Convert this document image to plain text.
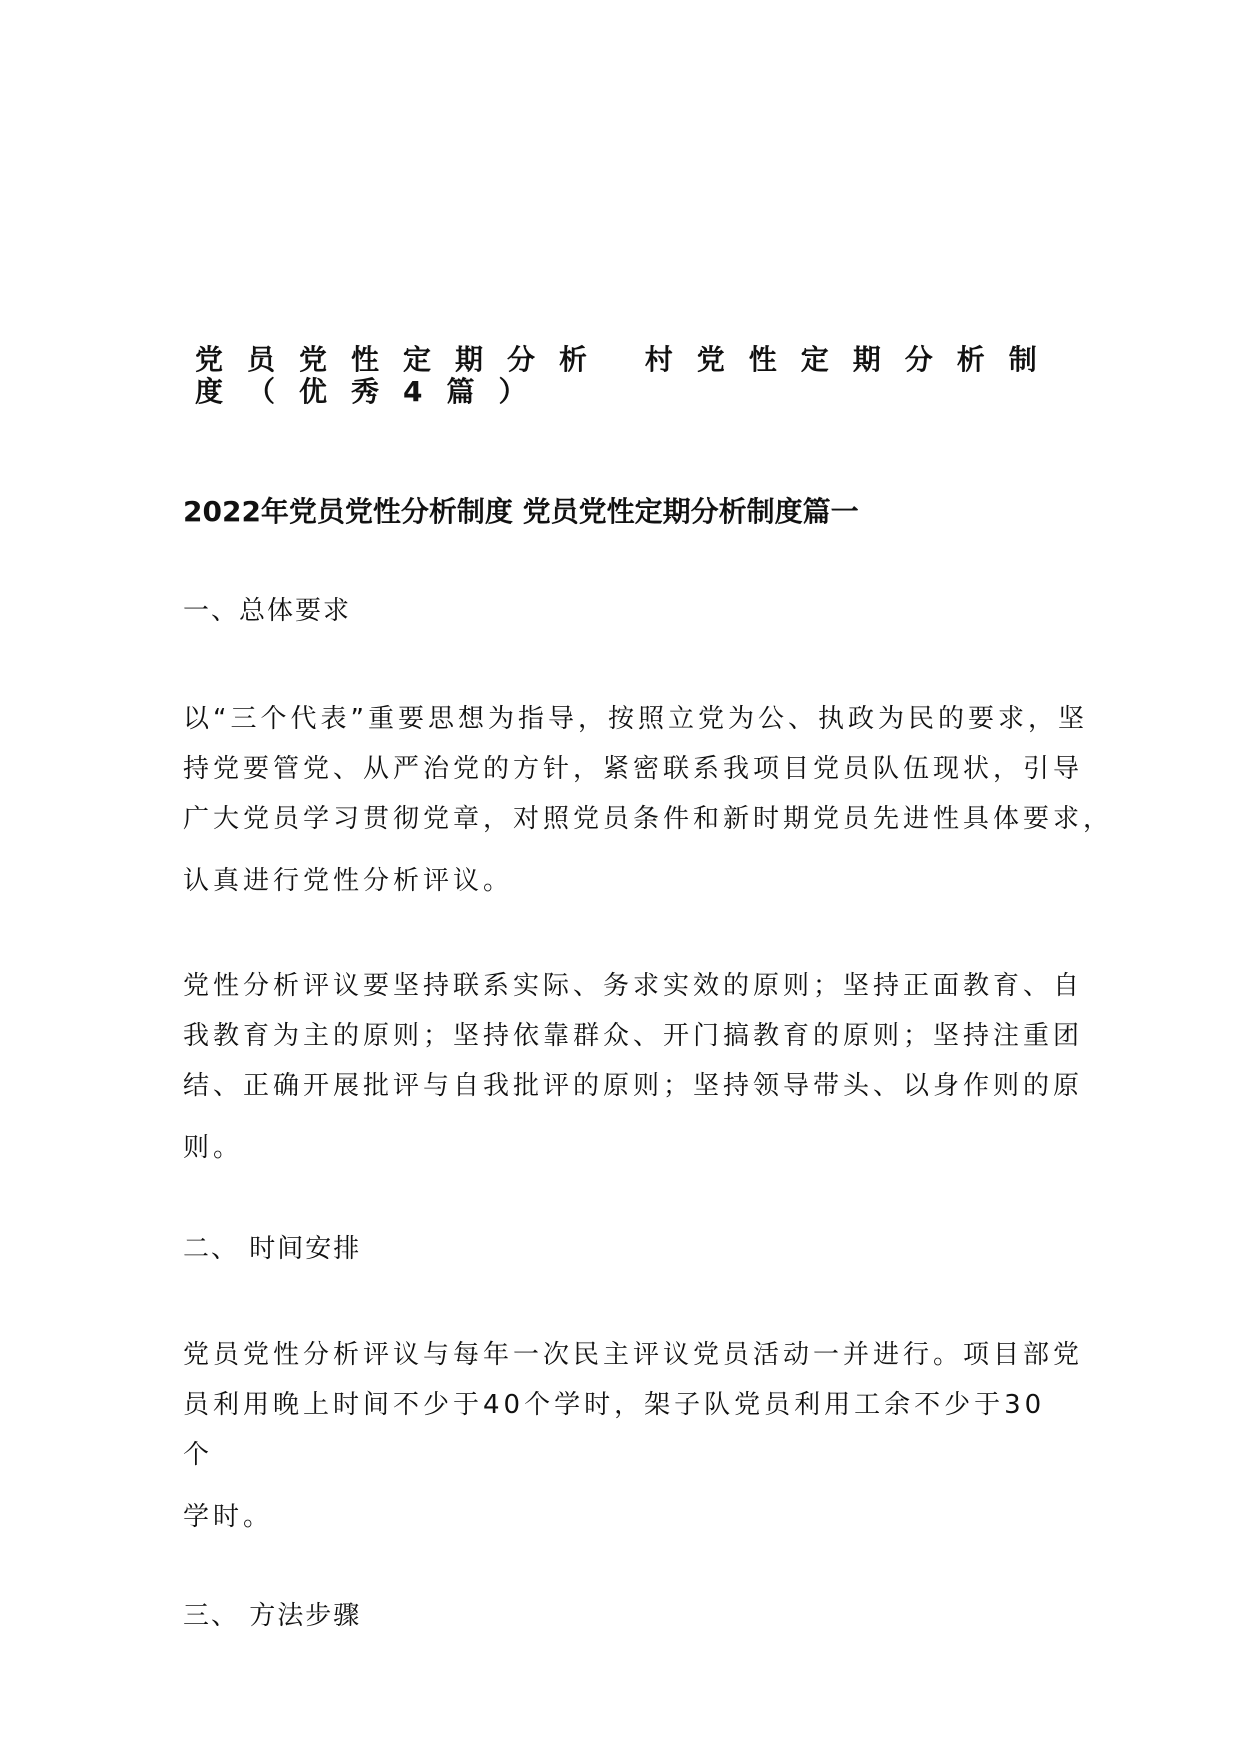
党员党性定期分析 村党性定期分析制度（优秀4篇）
2022年党员党性分析制度 党员党性定期分析制度篇一
一、总体要求
以“三个代表”重要思想为指导，按照立党为公、执政为民的要求，坚
持党要管党、从严治党的方针，紧密联系我项目党员队伍现状，引导
广大党员学习贯彻党章，对照党员条件和新时期党员先进性具体要求，
认真进行党性分析评议。
党性分析评议要坚持联系实际、务求实效的原则；坚持正面教育、自
我教育为主的原则；坚持依靠群众、开门搞教育的原则；坚持注重团
结、正确开展批评与自我批评的原则；坚持领导带头、以身作则的原
则。
二、 时间安排
党员党性分析评议与每年一次民主评议党员活动一并进行。项目部党
员利用晚上时间不少于40个学时，架子队党员利用工余不少于30
个
学时。
三、 方法步骤
